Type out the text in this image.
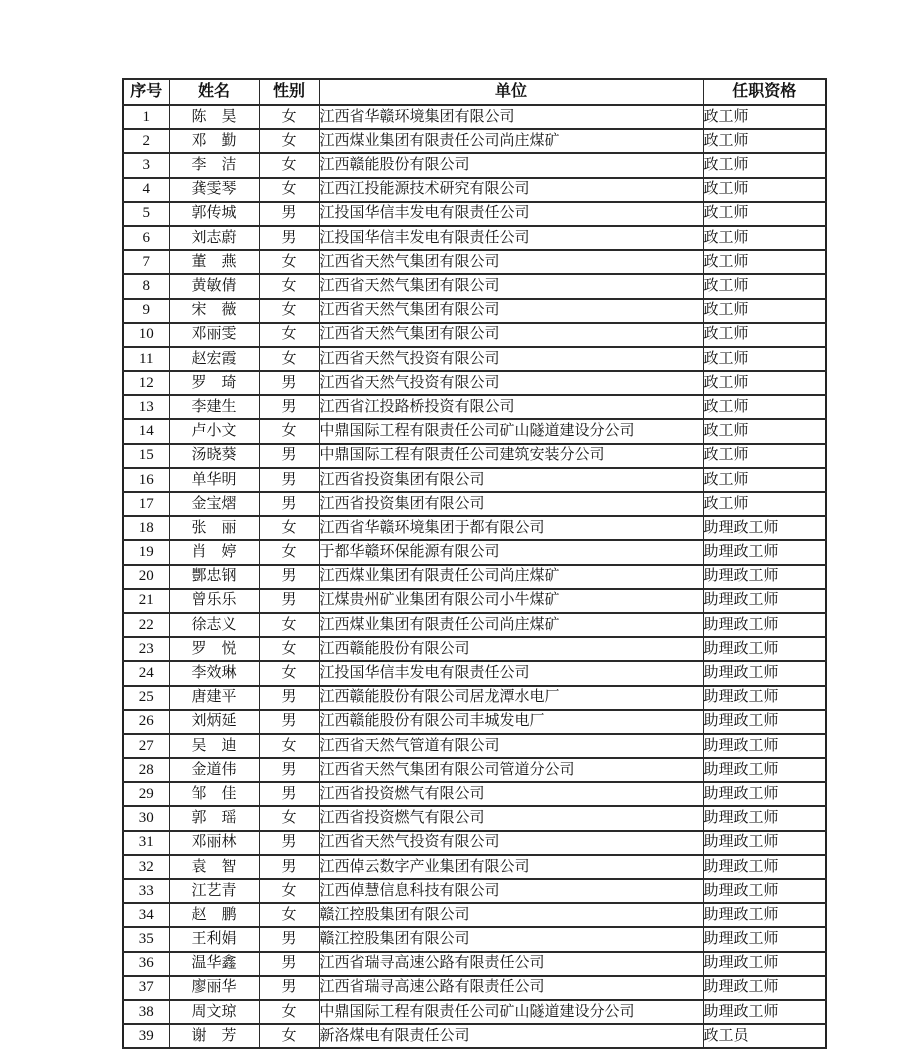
序号	姓名	性别	单位	任职资格
1	陈　昊	女	江西省华赣环境集团有限公司	政工师
2	邓　勤	女	江西煤业集团有限责任公司尚庄煤矿	政工师
3	李　洁	女	江西赣能股份有限公司	政工师
4	龚雯琴	女	江西江投能源技术研究有限公司	政工师
5	郭传城	男	江投国华信丰发电有限责任公司	政工师
6	刘志蔚	男	江投国华信丰发电有限责任公司	政工师
7	董　燕	女	江西省天然气集团有限公司	政工师
8	黄敏倩	女	江西省天然气集团有限公司	政工师
9	宋　薇	女	江西省天然气集团有限公司	政工师
10	邓丽雯	女	江西省天然气集团有限公司	政工师
11	赵宏霞	女	江西省天然气投资有限公司	政工师
12	罗　琦	男	江西省天然气投资有限公司	政工师
13	李建生	男	江西省江投路桥投资有限公司	政工师
14	卢小文	女	中鼎国际工程有限责任公司矿山隧道建设分公司	政工师
15	汤晓葵	男	中鼎国际工程有限责任公司建筑安装分公司	政工师
16	单华明	男	江西省投资集团有限公司	政工师
17	金宝熠	男	江西省投资集团有限公司	政工师
18	张　丽	女	江西省华赣环境集团于都有限公司	助理政工师
19	肖　婷	女	于都华赣环保能源有限公司	助理政工师
20	酆忠钢	男	江西煤业集团有限责任公司尚庄煤矿	助理政工师
21	曾乐乐	男	江煤贵州矿业集团有限公司小牛煤矿	助理政工师
22	徐志义	女	江西煤业集团有限责任公司尚庄煤矿	助理政工师
23	罗　悦	女	江西赣能股份有限公司	助理政工师
24	李效琳	女	江投国华信丰发电有限责任公司	助理政工师
25	唐建平	男	江西赣能股份有限公司居龙潭水电厂	助理政工师
26	刘炳延	男	江西赣能股份有限公司丰城发电厂	助理政工师
27	吴　迪	女	江西省天然气管道有限公司	助理政工师
28	金道伟	男	江西省天然气集团有限公司管道分公司	助理政工师
29	邹　佳	男	江西省投资燃气有限公司	助理政工师
30	郭　瑶	女	江西省投资燃气有限公司	助理政工师
31	邓丽林	男	江西省天然气投资有限公司	助理政工师
32	袁　智	男	江西倬云数字产业集团有限公司	助理政工师
33	江艺青	女	江西倬慧信息科技有限公司	助理政工师
34	赵　鹏	女	赣江控股集团有限公司	助理政工师
35	王利娟	男	赣江控股集团有限公司	助理政工师
36	温华鑫	男	江西省瑞寻高速公路有限责任公司	助理政工师
37	廖丽华	男	江西省瑞寻高速公路有限责任公司	助理政工师
38	周文琼	女	中鼎国际工程有限责任公司矿山隧道建设分公司	助理政工师
39	谢　芳	女	新洛煤电有限责任公司	政工员
